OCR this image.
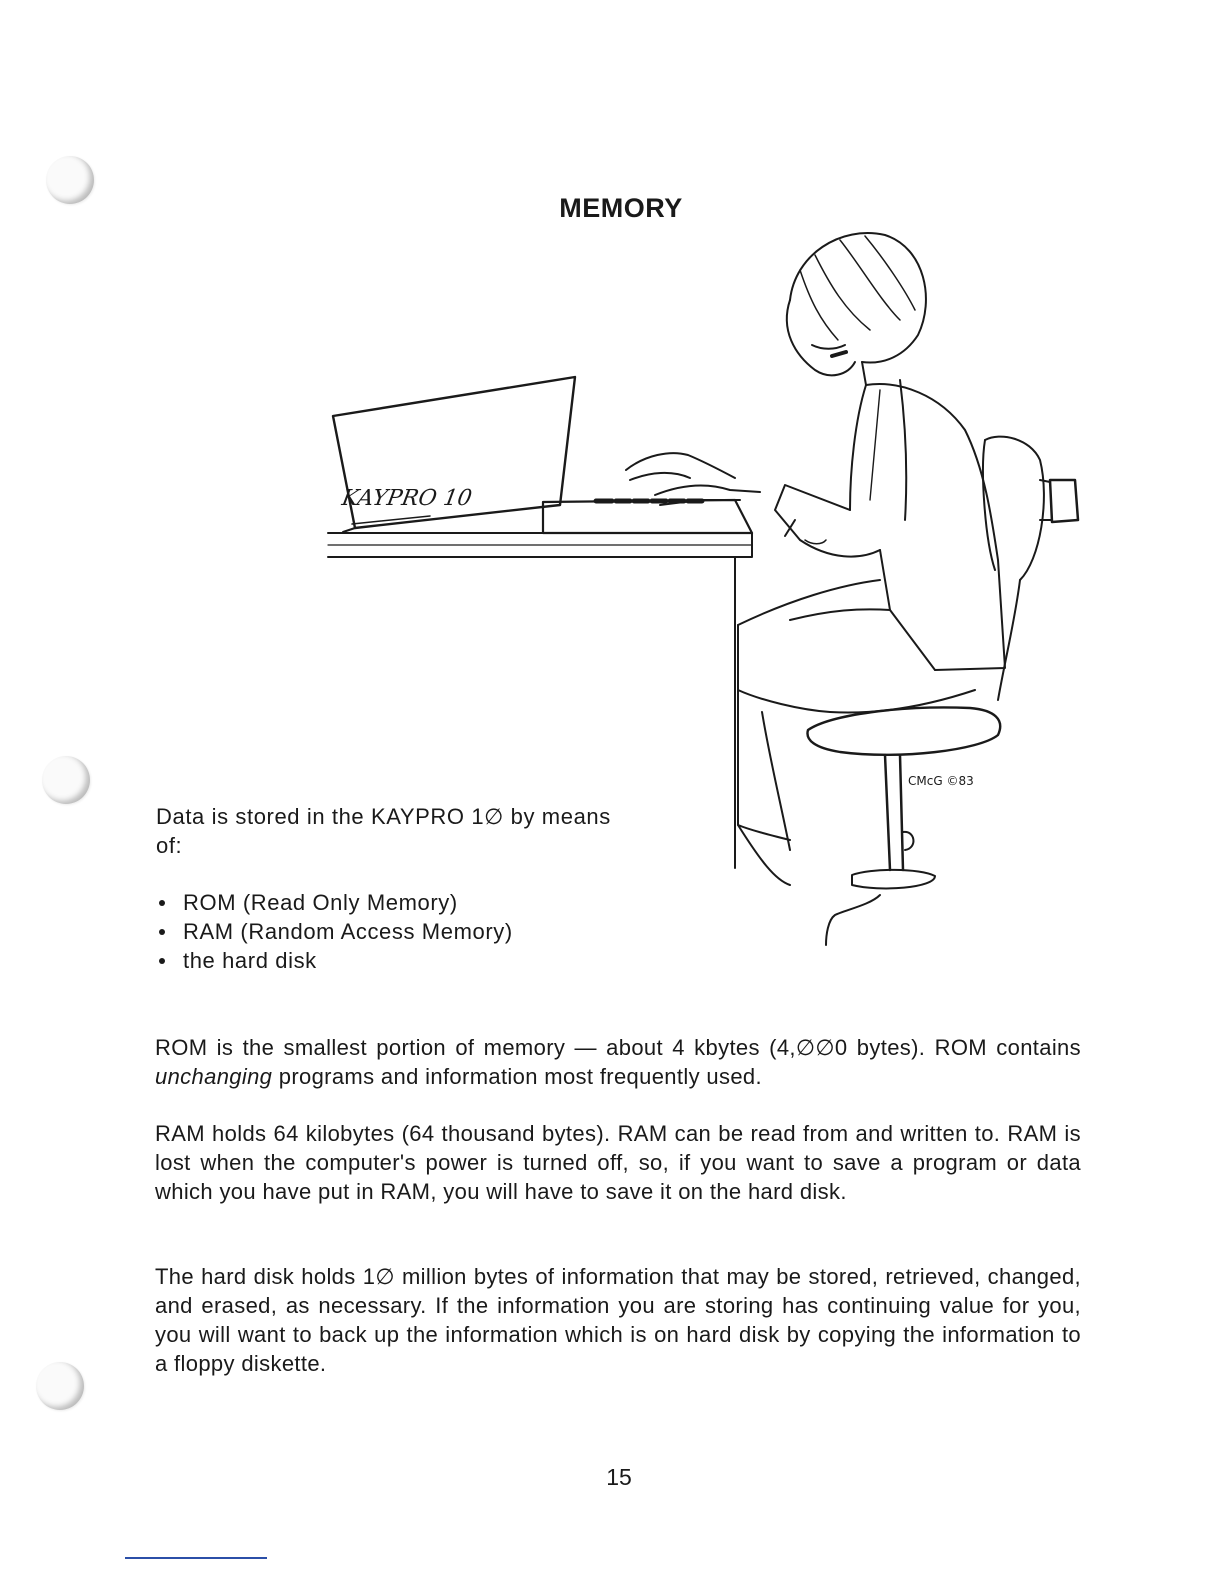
MEMORY
KAYPRO 10
CMcG ©83
Data is stored in the KAYPRO 1∅ by means of:
ROM (Read Only Memory)
RAM (Random Access Memory)
the hard disk

ROM is the smallest portion of memory — about 4 kbytes (4,∅∅0 bytes). ROM contains unchanging programs and information most frequently used.

RAM holds 64 kilobytes (64 thousand bytes). RAM can be read from and written to. RAM is lost when the computer's power is turned off, so, if you want to save a program or data which you have put in RAM, you will have to save it on the hard disk.

The hard disk holds 1∅ million bytes of information that may be stored, retrieved, changed, and erased, as necessary. If the information you are storing has continuing value for you, you will want to back up the information which is on hard disk by copying the information to a floppy diskette.

15
